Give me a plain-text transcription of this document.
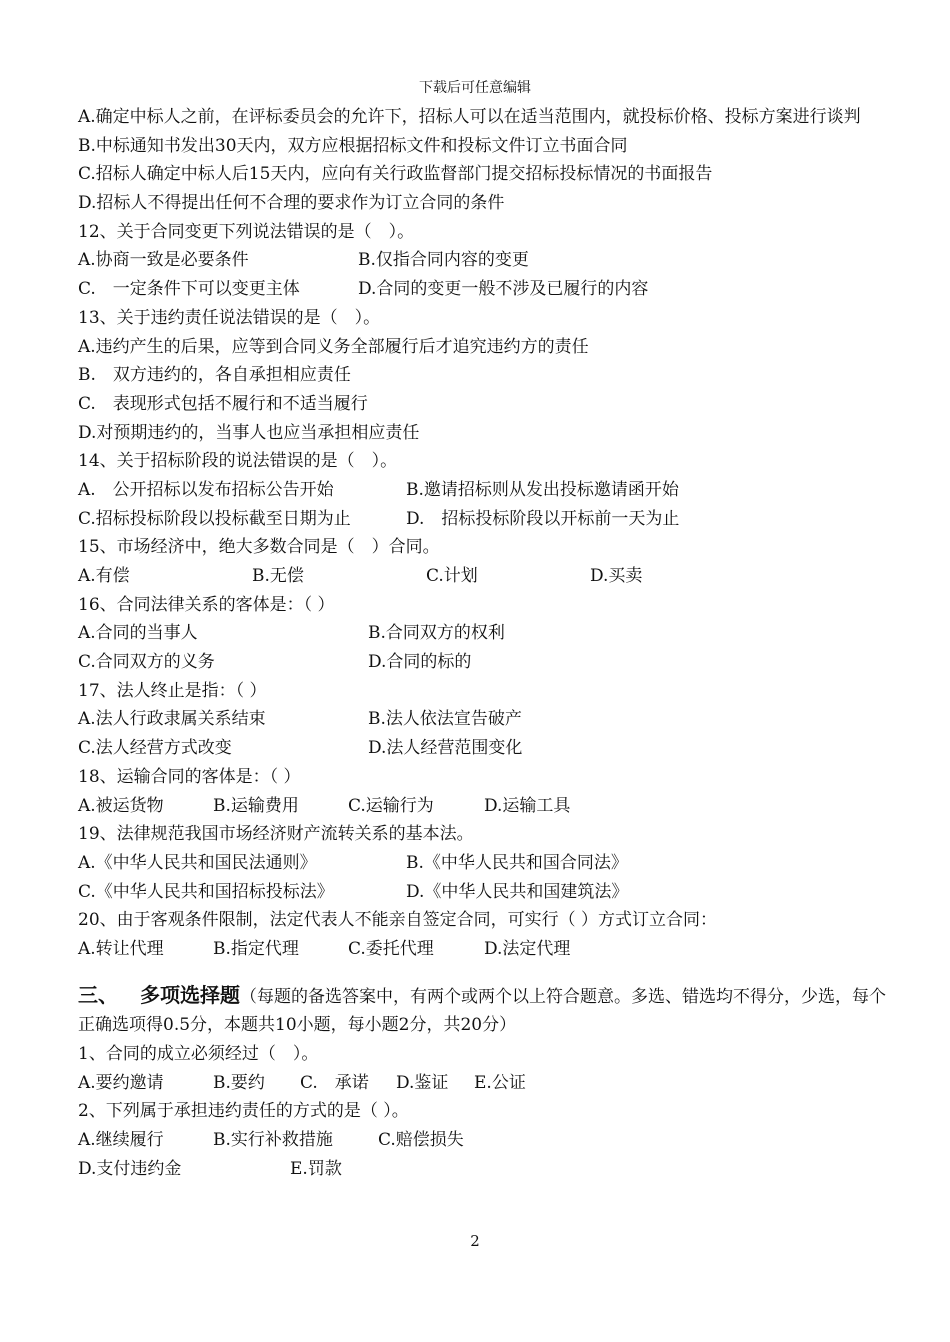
下载后可任意编辑
A.确定中标人之前，在评标委员会的允许下，招标人可以在适当范围内，就投标价格、投标方案进行谈判
B.中标通知书发出30天内，双方应根据招标文件和投标文件订立书面合同
C.招标人确定中标人后15天内，应向有关行政监督部门提交招标投标情况的书面报告
D.招标人不得提出任何不合理的要求作为订立合同的条件
12、关于合同变更下列说法错误的是（　）。
A.协商一致是必要条件	B.仅指合同内容的变更
C.　一定条件下可以变更主体	D.合同的变更一般不涉及已履行的内容
13、关于违约责任说法错误的是（　）。
A.违约产生的后果，应等到合同义务全部履行后才追究违约方的责任
B.　双方违约的，各自承担相应责任
C.　表现形式包括不履行和不适当履行
D.对预期违约的，当事人也应当承担相应责任
14、关于招标阶段的说法错误的是（　）。
A.　公开招标以发布招标公告开始	B.邀请招标则从发出投标邀请函开始
C.招标投标阶段以投标截至日期为止	D.　招标投标阶段以开标前一天为止
15、市场经济中，绝大多数合同是（　）合同。
A.有偿	B.无偿	C.计划	D.买卖
16、合同法律关系的客体是：（ ）
A.合同的当事人	B.合同双方的权利
C.合同双方的义务	D.合同的标的
17、法人终止是指：（ ）
A.法人行政隶属关系结束	B.法人依法宣告破产
C.法人经营方式改变	D.法人经营范围变化
18、运输合同的客体是：（ ）
A.被运货物	B.运输费用	C.运输行为	D.运输工具
19、法律规范我国市场经济财产流转关系的基本法。
A.《中华人民共和国民法通则》	B.《中华人民共和国合同法》
C.《中华人民共和国招标投标法》	D.《中华人民共和国建筑法》
20、由于客观条件限制，法定代表人不能亲自签定合同，可实行（ ）方式订立合同：
A.转让代理	B.指定代理	C.委托代理	D.法定代理
三、 多项选择题（每题的备选答案中，有两个或两个以上符合题意。多选、错选均不得分，少选，每个正确选项得0.5分，本题共10小题，每小题2分，共20分）
1、合同的成立必须经过（　）。
A.要约邀请	B.要约 C.　承诺 D.鉴证 E.公证
2、下列属于承担违约责任的方式的是（ ）。
A.继续履行	B.实行补救措施	C.赔偿损失
D.支付违约金	E.罚款
2
